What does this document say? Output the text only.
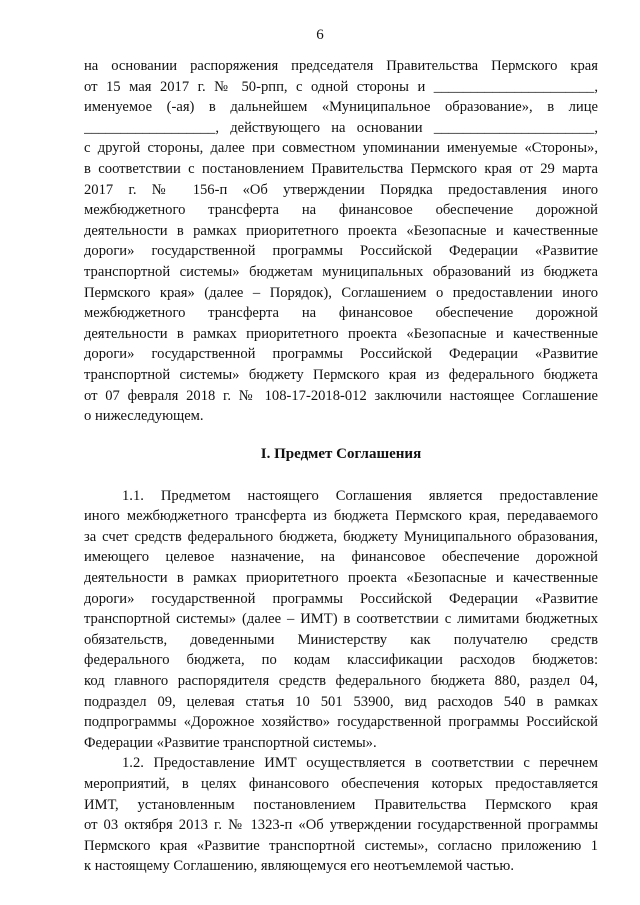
6
на основании распоряжения председателя Правительства Пермского края
от 15 мая 2017 г. № 50-рпп, с одной стороны и ______________________,
именуемое (-ая) в дальнейшем «Муниципальное образование», в лице
__________________, действующего на основании ______________________,
с другой стороны, далее при совместном упоминании именуемые «Стороны»,
в соответствии с постановлением Правительства Пермского края от 29 марта
2017 г. № 156-п «Об утверждении Порядка предоставления иного
межбюджетного трансферта на финансовое обеспечение дорожной
деятельности в рамках приоритетного проекта «Безопасные и качественные
дороги» государственной программы Российской Федерации «Развитие
транспортной системы» бюджетам муниципальных образований из бюджета
Пермского края» (далее – Порядок), Соглашением о предоставлении иного
межбюджетного трансферта на финансовое обеспечение дорожной
деятельности в рамках приоритетного проекта «Безопасные и качественные
дороги» государственной программы Российской Федерации «Развитие
транспортной системы» бюджету Пермского края из федерального бюджета
от 07 февраля 2018 г. № 108-17-2018-012 заключили настоящее Соглашение
о нижеследующем.
I. Предмет Соглашения
1.1. Предметом настоящего Соглашения является предоставление
иного межбюджетного трансферта из бюджета Пермского края, передаваемого
за счет средств федерального бюджета, бюджету Муниципального образования,
имеющего целевое назначение, на финансовое обеспечение дорожной
деятельности в рамках приоритетного проекта «Безопасные и качественные
дороги» государственной программы Российской Федерации «Развитие
транспортной системы» (далее – ИМТ) в соответствии с лимитами бюджетных
обязательств, доведенными Министерству как получателю средств
федерального бюджета, по кодам классификации расходов бюджетов:
код главного распорядителя средств федерального бюджета 880, раздел 04,
подраздел 09, целевая статья 10 501 53900, вид расходов 540 в рамках
подпрограммы «Дорожное хозяйство» государственной программы Российской
Федерации «Развитие транспортной системы».
1.2. Предоставление ИМТ осуществляется в соответствии с перечнем
мероприятий, в целях финансового обеспечения которых предоставляется
ИМТ, установленным постановлением Правительства Пермского края
от 03 октября 2013 г. № 1323-п «Об утверждении государственной программы
Пермского края «Развитие транспортной системы», согласно приложению 1
к настоящему Соглашению, являющемуся его неотъемлемой частью.
